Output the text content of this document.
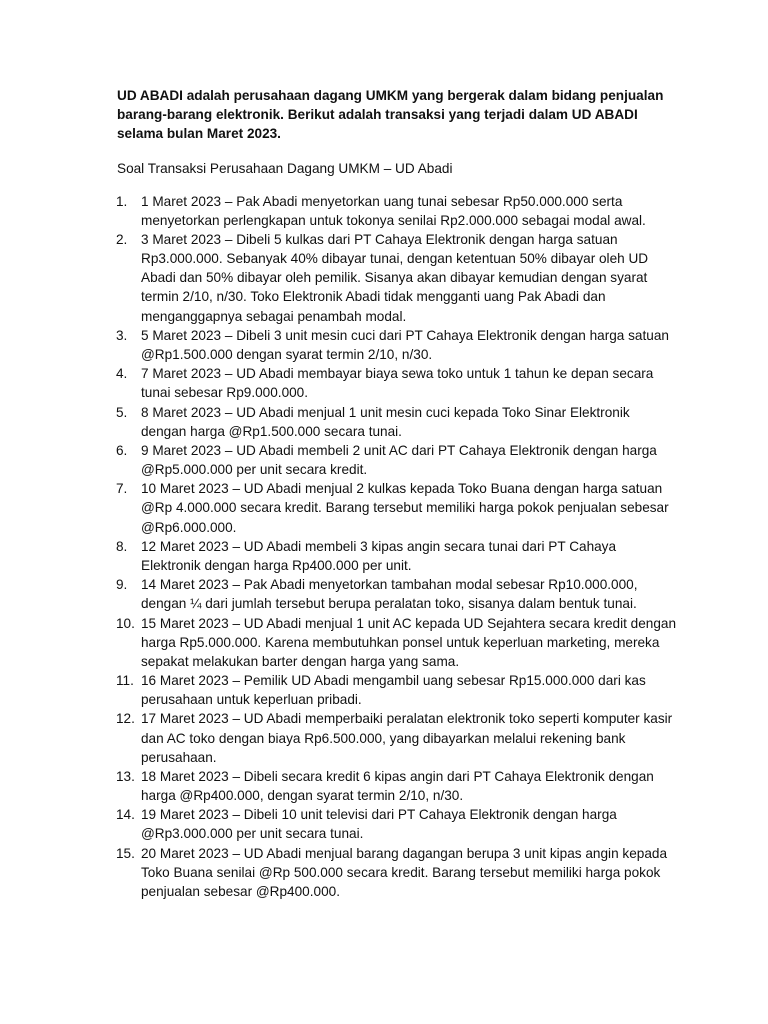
UD ABADI adalah perusahaan dagang UMKM yang bergerak dalam bidang penjualan barang-barang elektronik. Berikut adalah transaksi yang terjadi dalam UD ABADI selama bulan Maret 2023.

Soal Transaksi Perusahaan Dagang UMKM – UD Abadi

1. 1 Maret 2023 – Pak Abadi menyetorkan uang tunai sebesar Rp50.000.000 serta menyetorkan perlengkapan untuk tokonya senilai Rp2.000.000 sebagai modal awal.
2. 3 Maret 2023 – Dibeli 5 kulkas dari PT Cahaya Elektronik dengan harga satuan Rp3.000.000. Sebanyak 40% dibayar tunai, dengan ketentuan 50% dibayar oleh UD Abadi dan 50% dibayar oleh pemilik. Sisanya akan dibayar kemudian dengan syarat termin 2/10, n/30. Toko Elektronik Abadi tidak mengganti uang Pak Abadi dan menganggapnya sebagai penambah modal.
3. 5 Maret 2023 – Dibeli 3 unit mesin cuci dari PT Cahaya Elektronik dengan harga satuan @Rp1.500.000 dengan syarat termin 2/10, n/30.
4. 7 Maret 2023 – UD Abadi membayar biaya sewa toko untuk 1 tahun ke depan secara tunai sebesar Rp9.000.000.
5. 8 Maret 2023 – UD Abadi menjual 1 unit mesin cuci kepada Toko Sinar Elektronik dengan harga @Rp1.500.000 secara tunai.
6. 9 Maret 2023 – UD Abadi membeli 2 unit AC dari PT Cahaya Elektronik dengan harga @Rp5.000.000 per unit secara kredit.
7. 10 Maret 2023 – UD Abadi menjual 2 kulkas kepada Toko Buana dengan harga satuan @Rp 4.000.000 secara kredit. Barang tersebut memiliki harga pokok penjualan sebesar @Rp6.000.000.
8. 12 Maret 2023 – UD Abadi membeli 3 kipas angin secara tunai dari PT Cahaya Elektronik dengan harga Rp400.000 per unit.
9. 14 Maret 2023 – Pak Abadi menyetorkan tambahan modal sebesar Rp10.000.000, dengan ¼ dari jumlah tersebut berupa peralatan toko, sisanya dalam bentuk tunai.
10. 15 Maret 2023 – UD Abadi menjual 1 unit AC kepada UD Sejahtera secara kredit dengan harga Rp5.000.000. Karena membutuhkan ponsel untuk keperluan marketing, mereka sepakat melakukan barter dengan harga yang sama.
11. 16 Maret 2023 – Pemilik UD Abadi mengambil uang sebesar Rp15.000.000 dari kas perusahaan untuk keperluan pribadi.
12. 17 Maret 2023 – UD Abadi memperbaiki peralatan elektronik toko seperti komputer kasir dan AC toko dengan biaya Rp6.500.000, yang dibayarkan melalui rekening bank perusahaan.
13. 18 Maret 2023 – Dibeli secara kredit 6 kipas angin dari PT Cahaya Elektronik dengan harga @Rp400.000, dengan syarat termin 2/10, n/30.
14. 19 Maret 2023 – Dibeli 10 unit televisi dari PT Cahaya Elektronik dengan harga @Rp3.000.000 per unit secara tunai.
15. 20 Maret 2023 – UD Abadi menjual barang dagangan berupa 3 unit kipas angin kepada Toko Buana senilai @Rp 500.000 secara kredit. Barang tersebut memiliki harga pokok penjualan sebesar @Rp400.000.
